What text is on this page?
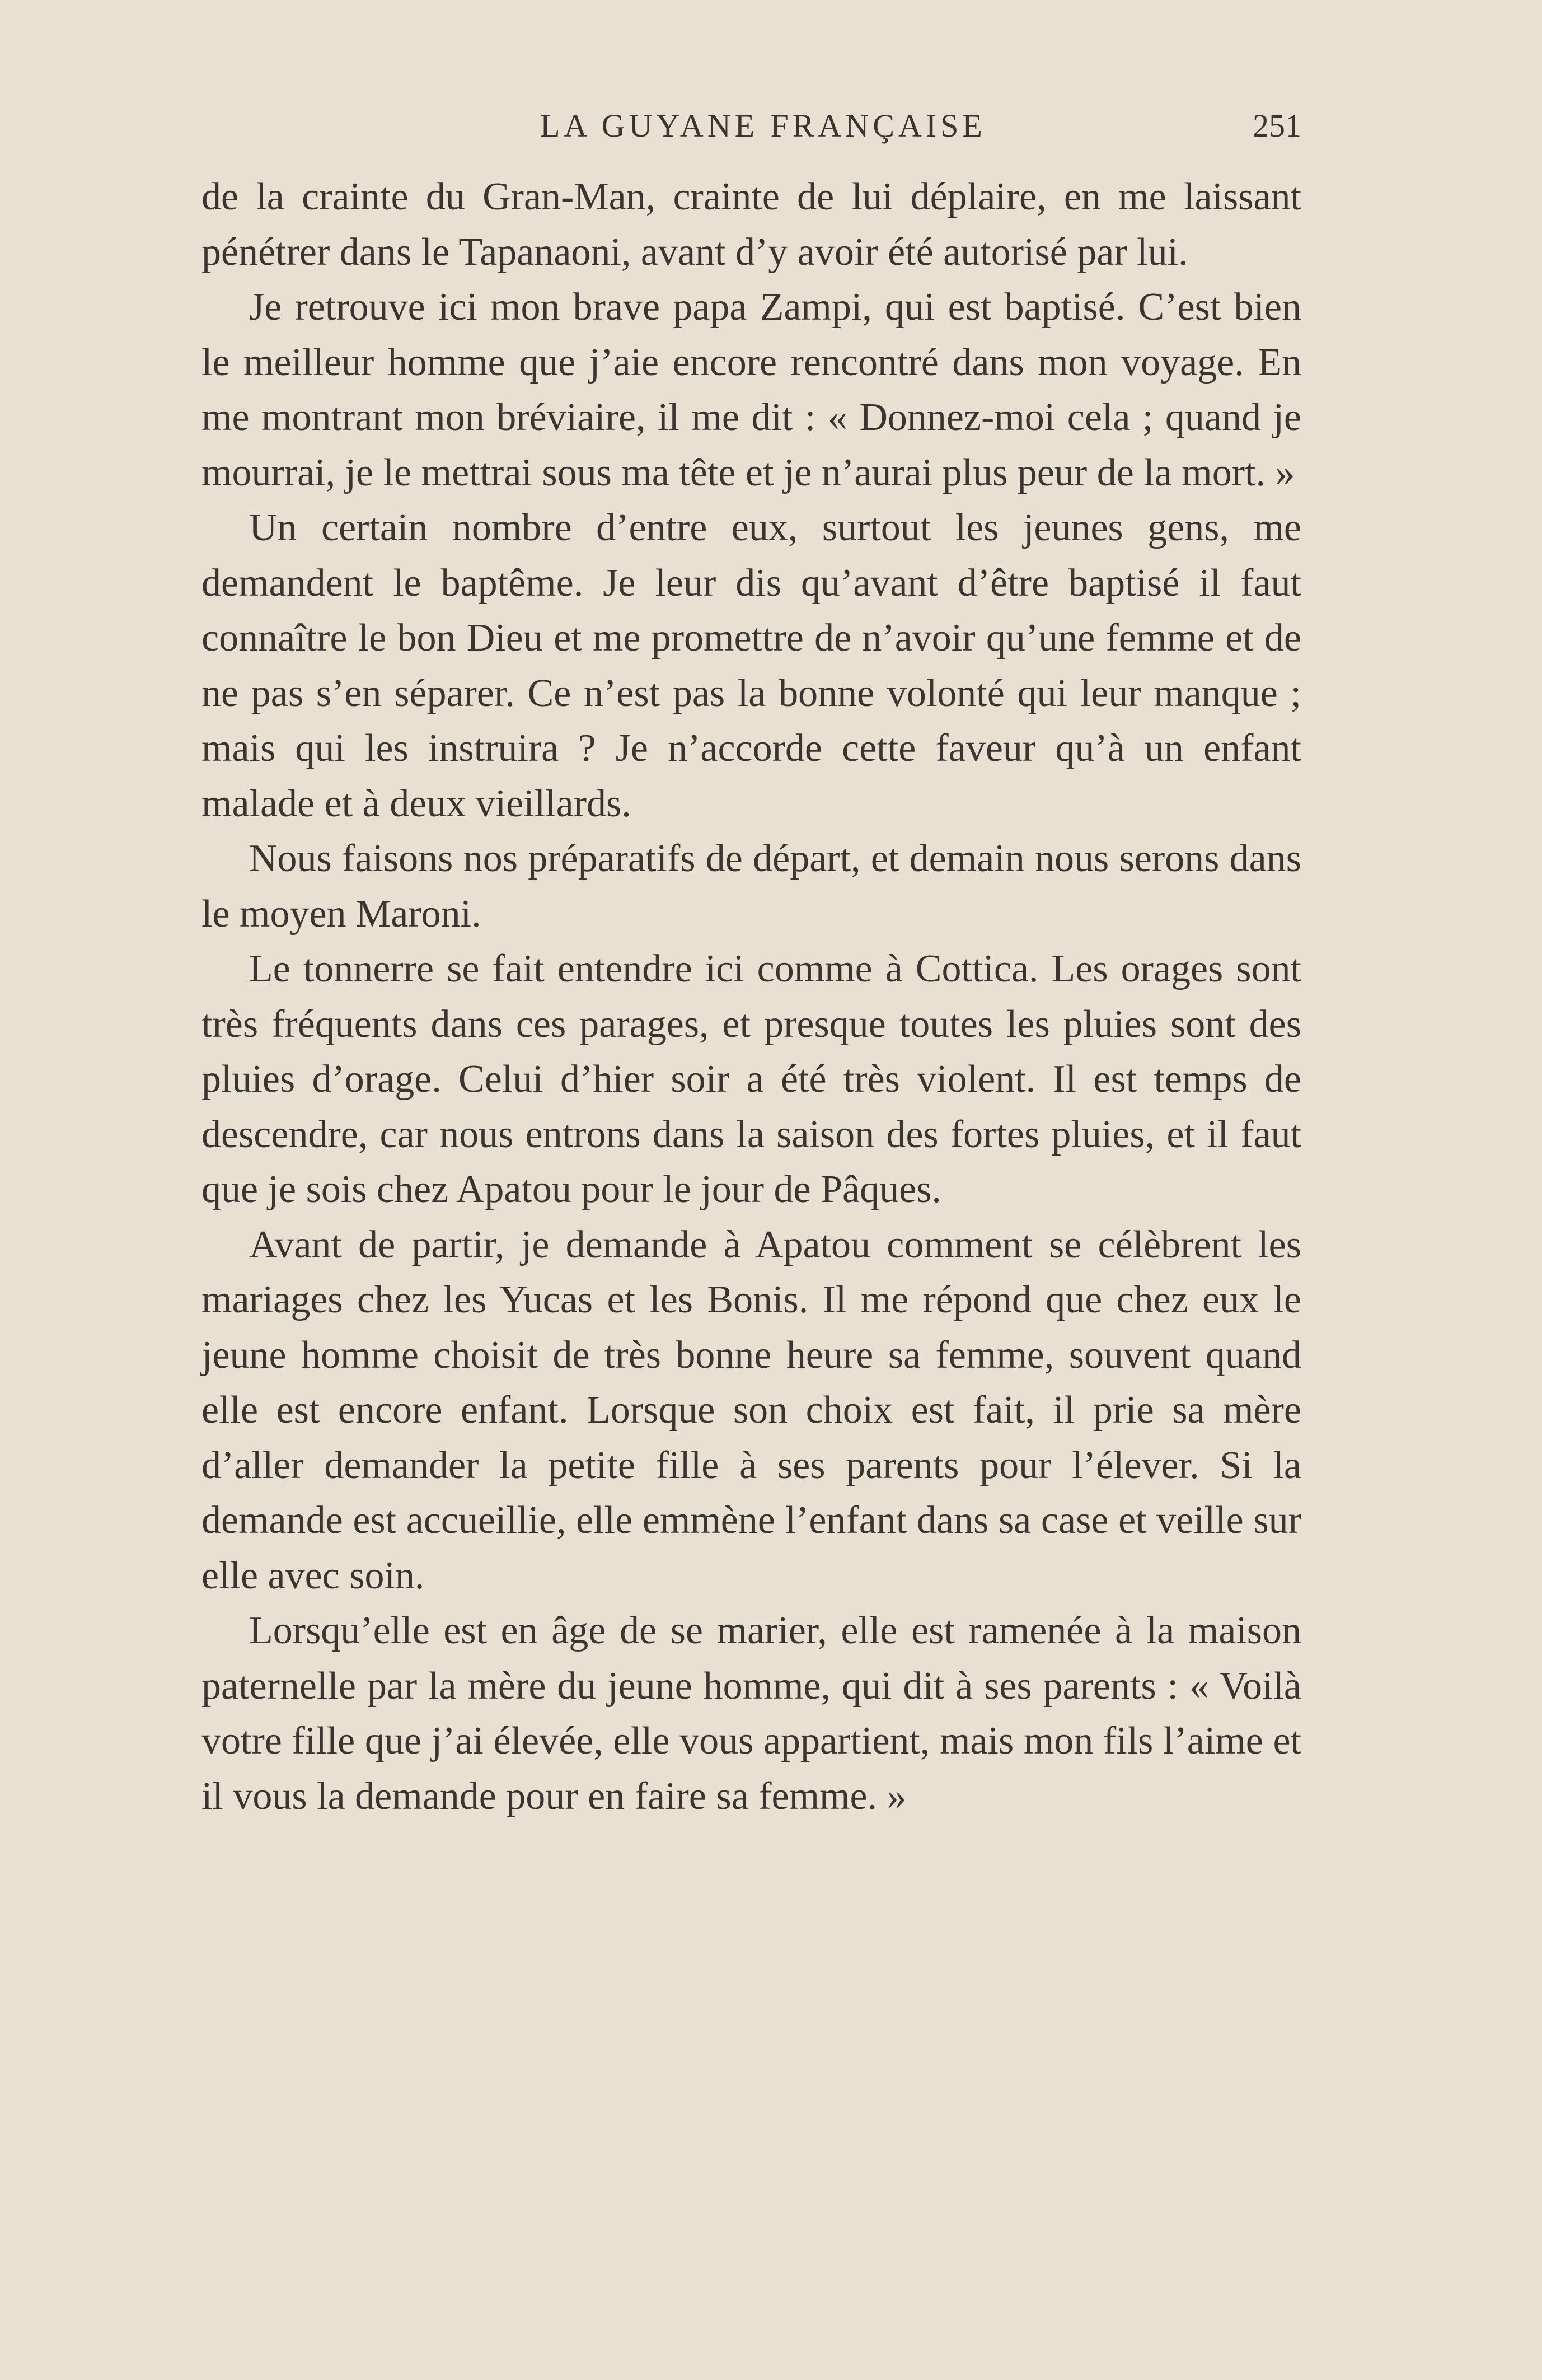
LA GUYANE FRANÇAISE	251

de la crainte du Gran-Man, crainte de lui déplaire, en me laissant pénétrer dans le Tapanaoni, avant d’y avoir été autorisé par lui.

Je retrouve ici mon brave papa Zampi, qui est baptisé. C’est bien le meilleur homme que j’aie encore rencontré dans mon voyage. En me montrant mon bréviaire, il me dit : « Donnez-moi cela ; quand je mourrai, je le mettrai sous ma tête et je n’aurai plus peur de la mort. »

Un certain nombre d’entre eux, surtout les jeunes gens, me demandent le baptême. Je leur dis qu’avant d’être baptisé il faut connaître le bon Dieu et me promettre de n’avoir qu’une femme et de ne pas s’en séparer. Ce n’est pas la bonne volonté qui leur manque ; mais qui les instruira ? Je n’accorde cette faveur qu’à un enfant malade et à deux vieillards.

Nous faisons nos préparatifs de départ, et demain nous serons dans le moyen Maroni.

Le tonnerre se fait entendre ici comme à Cottica. Les orages sont très fréquents dans ces parages, et presque toutes les pluies sont des pluies d’orage. Celui d’hier soir a été très violent. Il est temps de descendre, car nous entrons dans la saison des fortes pluies, et il faut que je sois chez Apatou pour le jour de Pâques.

Avant de partir, je demande à Apatou comment se célèbrent les mariages chez les Yucas et les Bonis. Il me répond que chez eux le jeune homme choisit de très bonne heure sa femme, souvent quand elle est encore enfant. Lorsque son choix est fait, il prie sa mère d’aller demander la petite fille à ses parents pour l’élever. Si la demande est accueillie, elle emmène l’enfant dans sa case et veille sur elle avec soin.

Lorsqu’elle est en âge de se marier, elle est ramenée à la maison paternelle par la mère du jeune homme, qui dit à ses parents : « Voilà votre fille que j’ai élevée, elle vous appartient, mais mon fils l’aime et il vous la demande pour en faire sa femme. »
